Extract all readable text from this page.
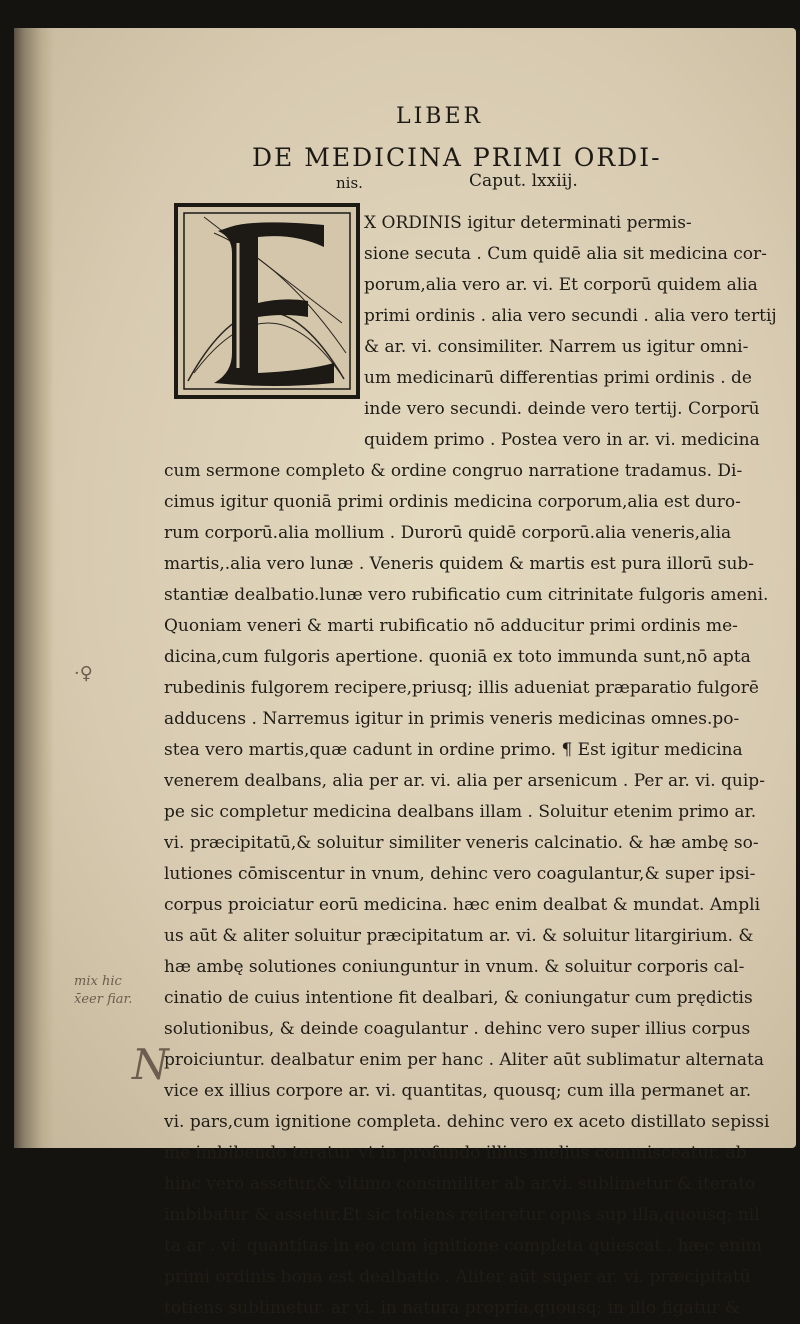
LIBER
DE MEDICINA PRIMI ORDI-
nis.	Caput. lxxiij.
X ORDINIS igitur determinati permis-
sione secuta . Cum quidē alia sit medicina cor-
porum,alia vero ar. vi. Et corporū quidem alia
primi ordinis . alia vero secundi . alia vero tertij
& ar. vi. consimiliter. Narrem us igitur omni-
um medicinarū differentias primi ordinis . de
inde vero secundi. deinde vero tertij. Corporū
quidem primo . Postea vero in ar. vi. medicina
cum sermone completo & ordine congruo narratione tradamus. Di-
cimus igitur quoniā primi ordinis medicina corporum,alia est duro-
rum corporū.alia mollium . Durorū quidē corporū.alia veneris,alia
martis,.alia vero lunæ . Veneris quidem & martis est pura illorū sub-
stantiæ dealbatio.lunæ vero rubificatio cum citrinitate fulgoris ameni.
Quoniam veneri & marti rubificatio nō adducitur primi ordinis me-
dicina,cum fulgoris apertione. quoniā ex toto immunda sunt,nō apta
rubedinis fulgorem recipere,priusq; illis adueniat præparatio fulgorē
adducens . Narremus igitur in primis veneris medicinas omnes.po-
stea vero martis,quæ cadunt in ordine primo. ¶ Est igitur medicina
venerem dealbans, alia per ar. vi. alia per arsenicum . Per ar. vi. quip-
pe sic completur medicina dealbans illam . Soluitur etenim primo ar.
vi. præcipitatū,& soluitur similiter veneris calcinatio. & hæ ambę so-
lutiones cōmiscentur in vnum, dehinc vero coagulantur,& super ipsi-
corpus proiciatur eorū medicina. hæc enim dealbat & mundat. Ampli
us aūt & aliter soluitur præcipitatum ar. vi. & soluitur litargirium. &
hæ ambę solutiones coniunguntur in vnum. & soluitur corporis cal-
cinatio de cuius intentione fit dealbari, & coniungatur cum prędictis
solutionibus, & deinde coagulantur . dehinc vero super illius corpus
proiciuntur. dealbatur enim per hanc . Aliter aūt sublimatur alternata
vice ex illius corpore ar. vi. quantitas, quousq; cum illa permanet ar.
vi. pars,cum ignitione completa. dehinc vero ex aceto distillato sepissi
me imbibendo teratur vt in profundo illius melius commisceatur. ab
hinc vero assetur,& vltimo consimiliter ab ar.vi. sublimetur & iterato
imbibatur & assetur.Et sic totiens reiteretur opus sup illa,quousq; nil
ta ar . vi. quantitas in eo cum ignitione completa quiescat . hæc enim
primi ordinis bona est dealbatio . Aliter aūt super ar. vi. præcipitatū
totiens sublimetur. ar vi. in natura propria,quousq; in illo figatur &
·♀
mix hic
x̄eer fiar.
N
